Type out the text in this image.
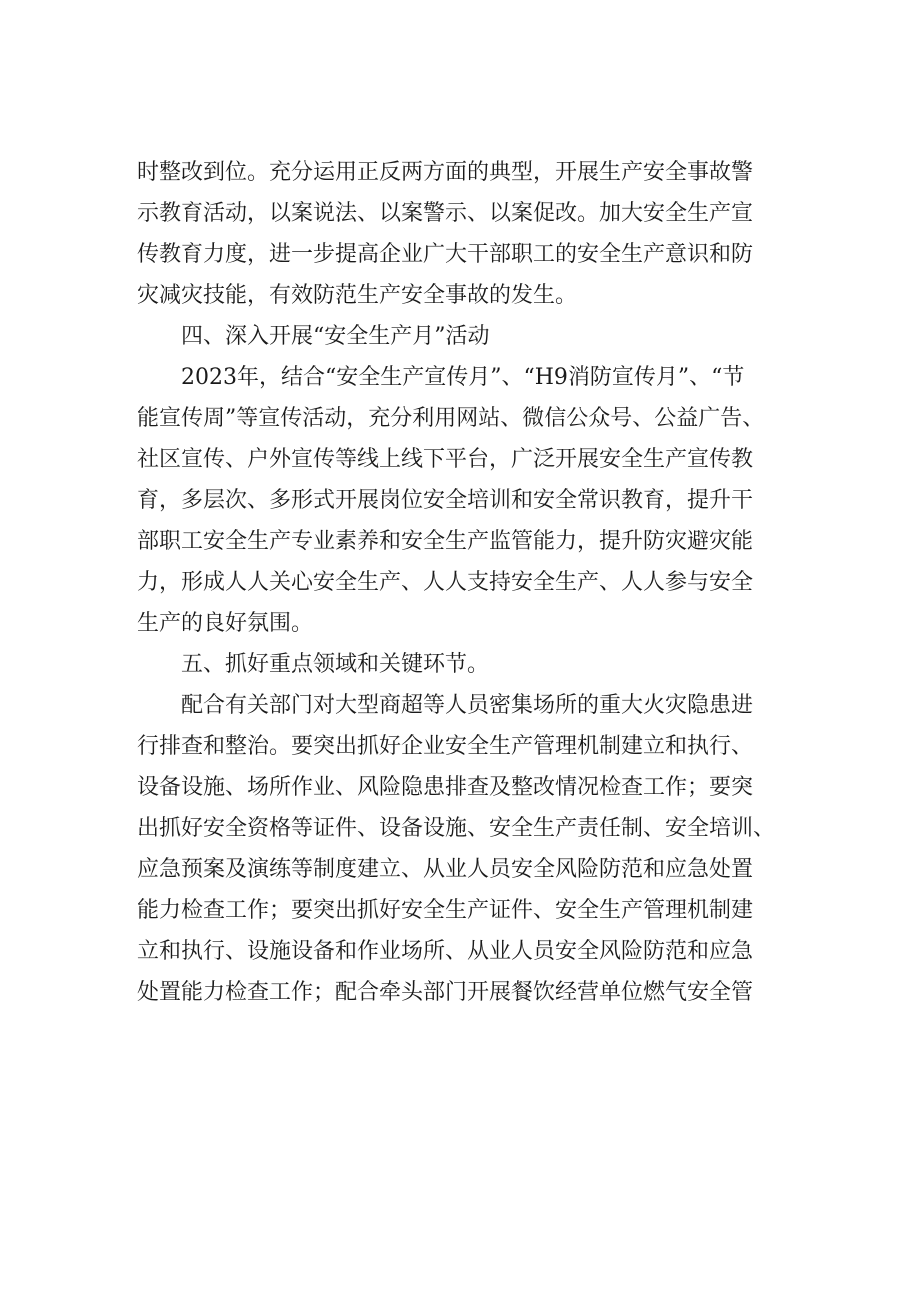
时整改到位。充分运用正反两方面的典型，开展生产安全事故警
示教育活动，以案说法、以案警示、以案促改。加大安全生产宣
传教育力度，进一步提高企业广大干部职工的安全生产意识和防
灾减灾技能，有效防范生产安全事故的发生。
四、深入开展“安全生产月”活动
2023年，结合“安全生产宣传月”、“H9消防宣传月”、“节
能宣传周”等宣传活动，充分利用网站、微信公众号、公益广告、
社区宣传、户外宣传等线上线下平台，广泛开展安全生产宣传教
育，多层次、多形式开展岗位安全培训和安全常识教育，提升干
部职工安全生产专业素养和安全生产监管能力，提升防灾避灾能
力，形成人人关心安全生产、人人支持安全生产、人人参与安全
生产的良好氛围。
五、抓好重点领域和关键环节。
配合有关部门对大型商超等人员密集场所的重大火灾隐患进
行排查和整治。要突出抓好企业安全生产管理机制建立和执行、
设备设施、场所作业、风险隐患排查及整改情况检查工作；要突
出抓好安全资格等证件、设备设施、安全生产责任制、安全培训、
应急预案及演练等制度建立、从业人员安全风险防范和应急处置
能力检查工作；要突出抓好安全生产证件、安全生产管理机制建
立和执行、设施设备和作业场所、从业人员安全风险防范和应急
处置能力检查工作；配合牵头部门开展餐饮经营单位燃气安全管
